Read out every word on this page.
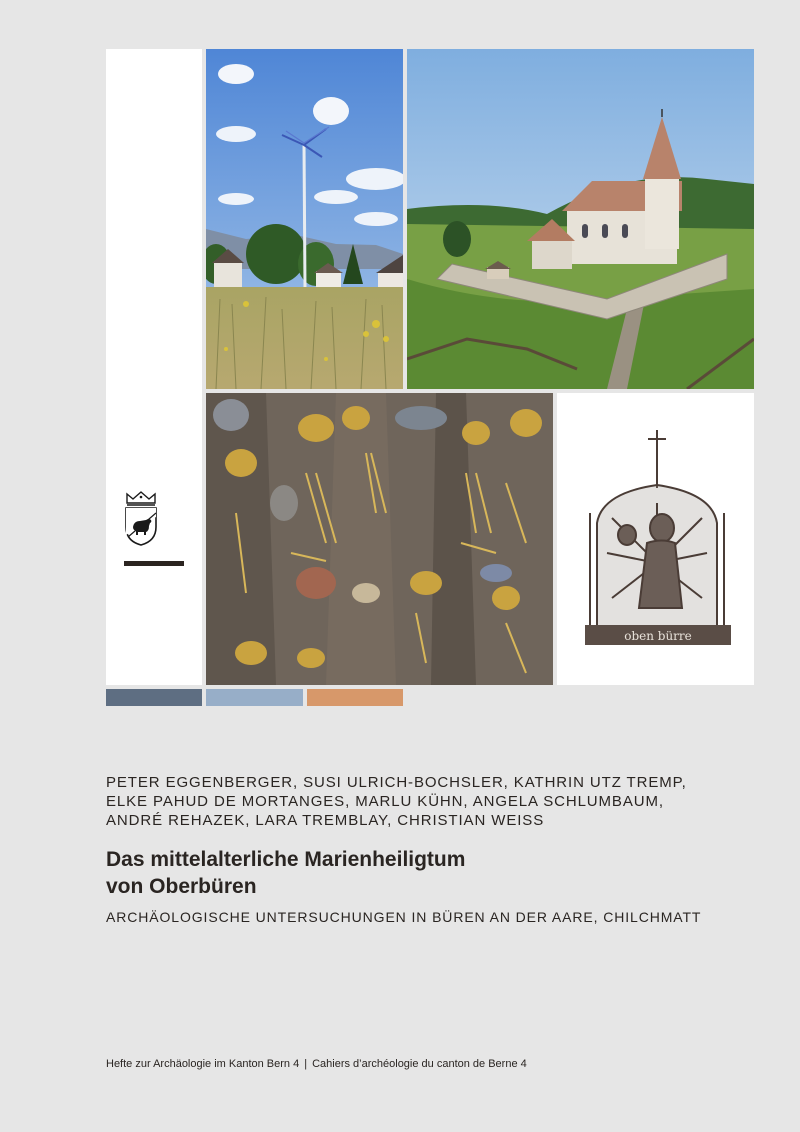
oben bürre
PETER EGGENBERGER, SUSI ULRICH-BOCHSLER, KATHRIN UTZ TREMP,
ELKE PAHUD DE MORTANGES, MARLU KÜHN, ANGELA SCHLUMBAUM,
ANDRÉ REHAZEK, LARA TREMBLAY, CHRISTIAN WEISS
Das mittelalterliche Marienheiligtum
von Oberbüren
ARCHÄOLOGISCHE UNTERSUCHUNGEN IN BÜREN AN DER AARE, CHILCHMATT
Hefte zur Archäologie im Kanton Bern 4 | Cahiers d’archéologie du canton de Berne 4
